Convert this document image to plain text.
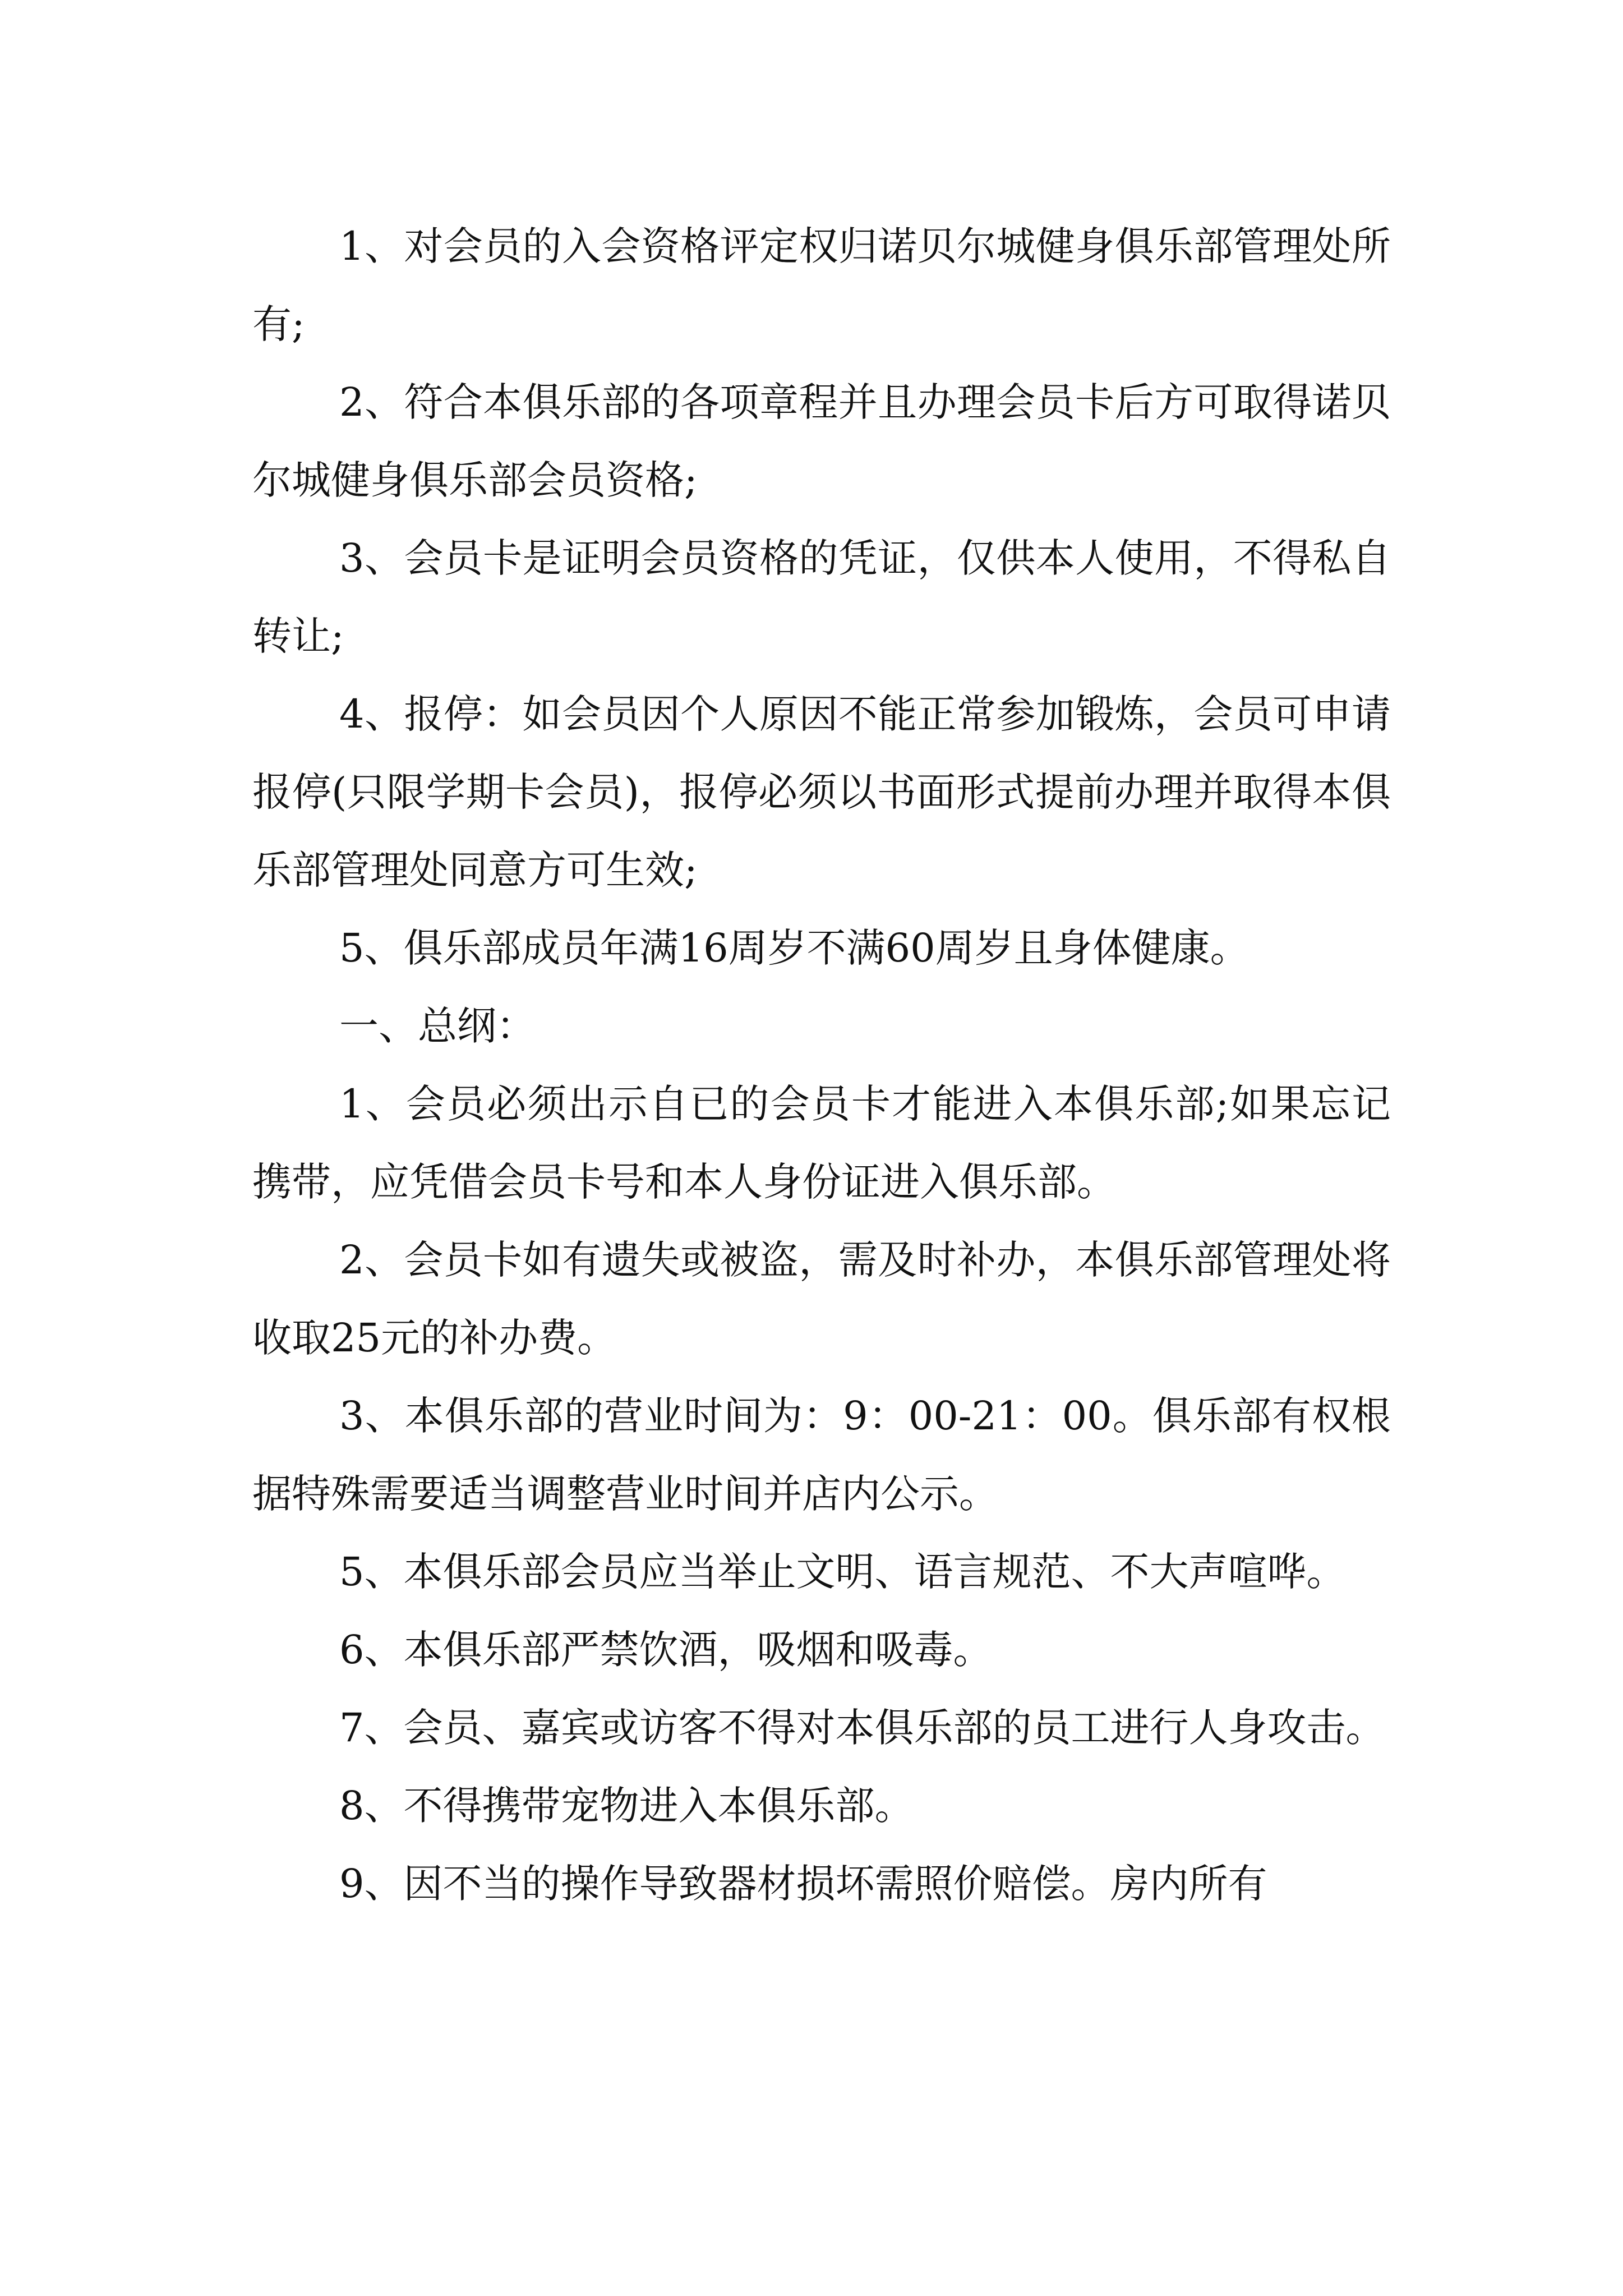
1、对会员的入会资格评定权归诺贝尔城健身俱乐部管理处所有;

2、符合本俱乐部的各项章程并且办理会员卡后方可取得诺贝尔城健身俱乐部会员资格;

3、会员卡是证明会员资格的凭证，仅供本人使用，不得私自转让;

4、报停：如会员因个人原因不能正常参加锻炼，会员可申请报停(只限学期卡会员)，报停必须以书面形式提前办理并取得本俱乐部管理处同意方可生效;

5、俱乐部成员年满16周岁不满60周岁且身体健康。

一、总纲：

1、会员必须出示自已的会员卡才能进入本俱乐部;如果忘记携带，应凭借会员卡号和本人身份证进入俱乐部。

2、会员卡如有遗失或被盗，需及时补办，本俱乐部管理处将收取25元的补办费。

3、本俱乐部的营业时间为：9：00-21：00。俱乐部有权根据特殊需要适当调整营业时间并店内公示。

5、本俱乐部会员应当举止文明、语言规范、不大声喧哗。

6、本俱乐部严禁饮酒，吸烟和吸毒。

7、会员、嘉宾或访客不得对本俱乐部的员工进行人身攻击。

8、不得携带宠物进入本俱乐部。

9、因不当的操作导致器材损坏需照价赔偿。房内所有
